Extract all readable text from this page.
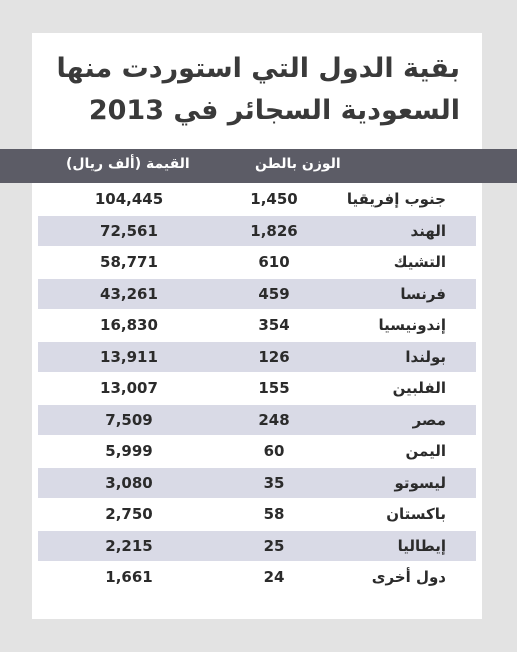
بقية الدول التي استوردت منها
السعودية السجائر في 2013
الوزن بالطن
القيمة (ألف ريال)
جنوب إفريقيا
1,450
104,445
الهند
1,826
72,561
التشيك
610
58,771
فرنسا
459
43,261
إندونيسيا
354
16,830
بولندا
126
13,911
الفلبين
155
13,007
مصر
248
7,509
اليمن
60
5,999
ليسوتو
35
3,080
باكستان
58
2,750
إيطاليا
25
2,215
دول أخرى
24
1,661
